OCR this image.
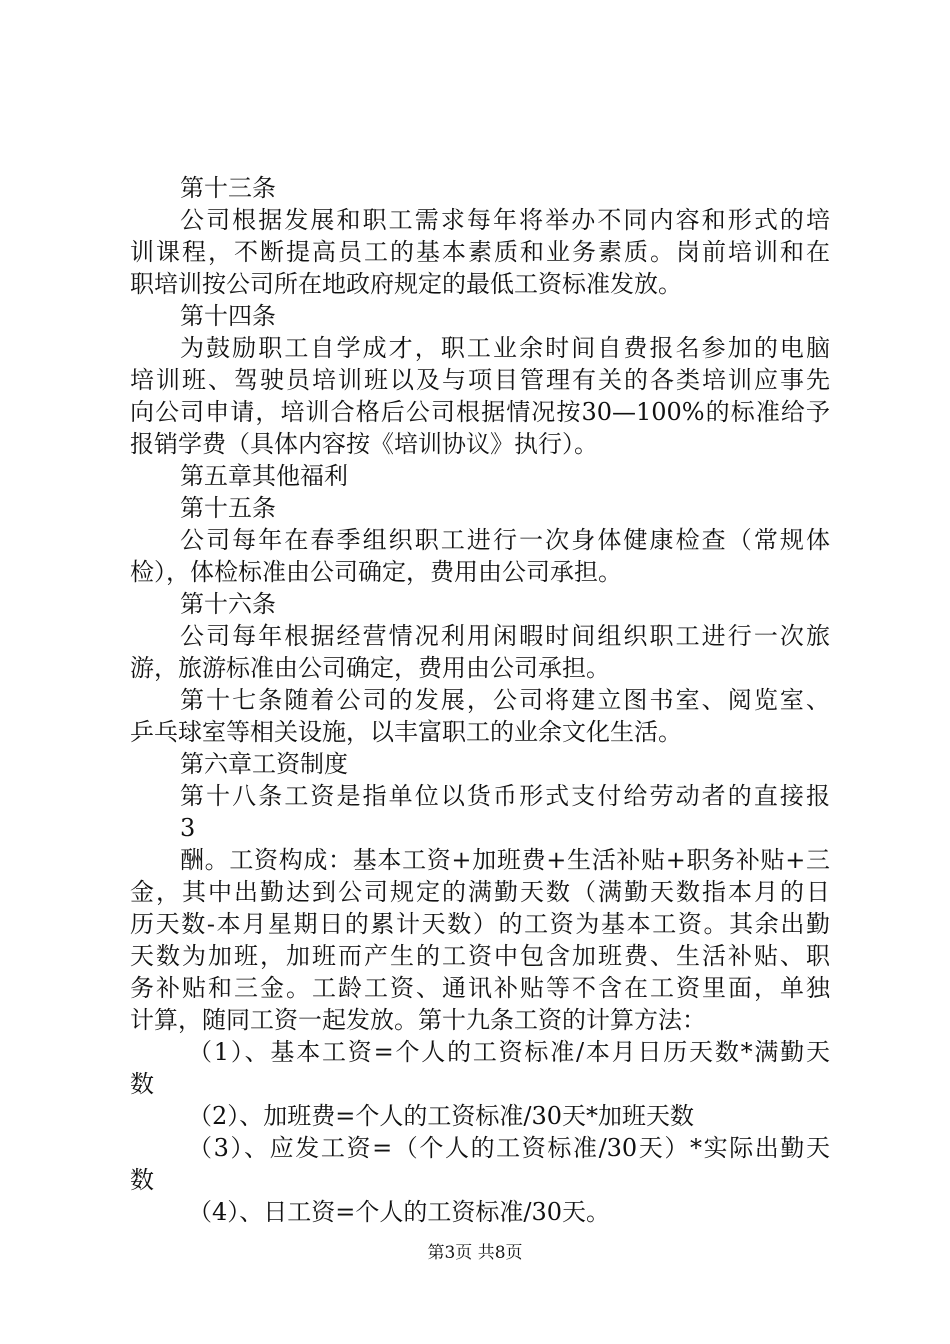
第十三条
公司根据发展和职工需求每年将举办不同内容和形式的培
训课程，不断提高员工的基本素质和业务素质。岗前培训和在
职培训按公司所在地政府规定的最低工资标准发放。
第十四条
为鼓励职工自学成才，职工业余时间自费报名参加的电脑
培训班、驾驶员培训班以及与项目管理有关的各类培训应事先
向公司申请，培训合格后公司根据情况按30—100%的标准给予
报销学费（具体内容按《培训协议》执行）。
第五章其他福利
第十五条
公司每年在春季组织职工进行一次身体健康检查（常规体
检），体检标准由公司确定，费用由公司承担。
第十六条
公司每年根据经营情况利用闲暇时间组织职工进行一次旅
游，旅游标准由公司确定，费用由公司承担。
第十七条随着公司的发展，公司将建立图书室、阅览室、
乒乓球室等相关设施，以丰富职工的业余文化生活。
第六章工资制度
第十八条工资是指单位以货币形式支付给劳动者的直接报
3
酬。工资构成：基本工资+加班费+生活补贴+职务补贴+三
金，其中出勤达到公司规定的满勤天数（满勤天数指本月的日
历天数-本月星期日的累计天数）的工资为基本工资。其余出勤
天数为加班，加班而产生的工资中包含加班费、生活补贴、职
务补贴和三金。工龄工资、通讯补贴等不含在工资里面，单独
计算，随同工资一起发放。第十九条工资的计算方法：
（1）、基本工资=个人的工资标准/本月日历天数*满勤天
数
（2）、加班费=个人的工资标准/30天*加班天数
（3）、应发工资=（个人的工资标准/30天）*实际出勤天
数
（4）、日工资=个人的工资标准/30天。
第3页 共8页
